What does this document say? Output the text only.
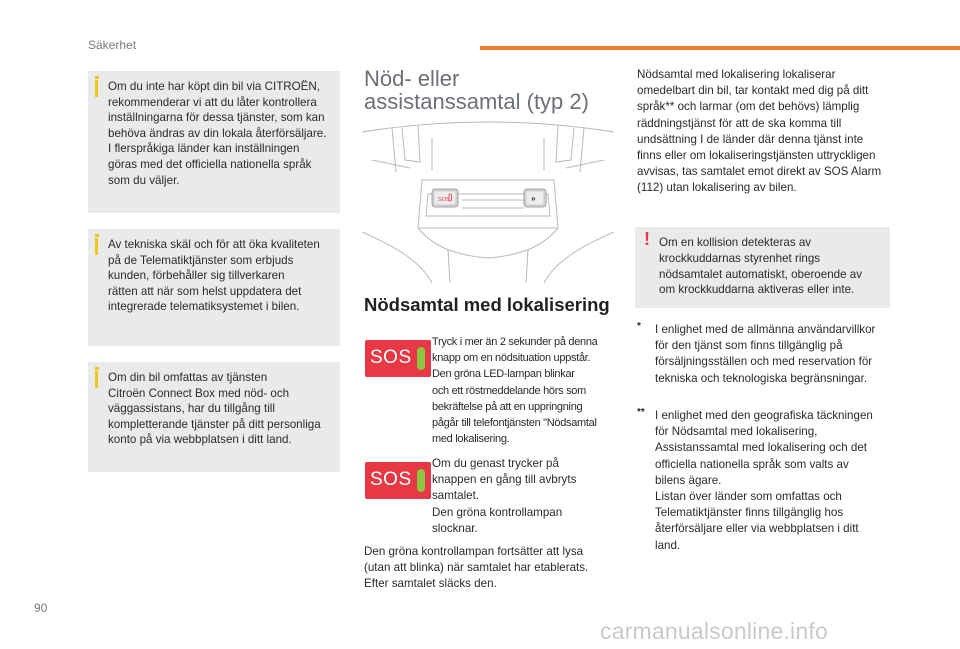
Säkerhet
Om du inte har köpt din bil via CITROËN,
rekommenderar vi att du låter kontrollera
inställningarna för dessa tjänster, som kan
behöva ändras av din lokala återförsäljare.
I flerspråkiga länder kan inställningen
göras med det officiella nationella språk
som du väljer.
Av tekniska skäl och för att öka kvaliteten
på de Telematiktjänster som erbjuds
kunden, förbehåller sig tillverkaren
rätten att när som helst uppdatera det
integrerade telematiksystemet i bilen.
Om din bil omfattas av tjänsten
Citroën Connect Box med nöd- och
väggassistans, har du tillgång till
kompletterande tjänster på ditt personliga
konto på via webbplatsen i ditt land.
Nöd- eller
assistanssamtal (typ 2)
SOS	»
Nödsamtal med lokalisering
SOS
Tryck i mer än 2 sekunder på denna
knapp om en nödsituation uppstår.
Den gröna LED-lampan blinkar
och ett röstmeddelande hörs som
bekräftelse på att en uppringning
pågår till telefontjänsten "Nödsamtal
med lokalisering.
SOS
Om du genast trycker på
knappen en gång till avbryts
samtalet.
Den gröna kontrollampan
slocknar.
Den gröna kontrollampan fortsätter att lysa
(utan att blinka) när samtalet har etablerats.
Efter samtalet släcks den.
Nödsamtal med lokalisering lokaliserar
omedelbart din bil, tar kontakt med dig på ditt
språk** och larmar (om det behövs) lämplig
räddningstjänst för att de ska komma till
undsättning I de länder där denna tjänst inte
finns eller om lokaliseringstjänsten uttryckligen
avvisas, tas samtalet emot direkt av SOS Alarm
(112) utan lokalisering av bilen.
! Om en kollision detekteras av
krockkuddarnas styrenhet rings
nödsamtalet automatiskt, oberoende av
om krockkuddarna aktiveras eller inte.
* I enlighet med de allmänna användarvillkor
för den tjänst som finns tillgänglig på
försäljningsställen och med reservation för
tekniska och teknologiska begränsningar.
** I enlighet med den geografiska täckningen
för Nödsamtal med lokalisering,
Assistanssamtal med lokalisering och det
officiella nationella språk som valts av
bilens ägare.
Listan över länder som omfattas och
Telematiktjänster finns tillgänglig hos
återförsäljare eller via webbplatsen i ditt
land.
90
carmanualsonline.info
